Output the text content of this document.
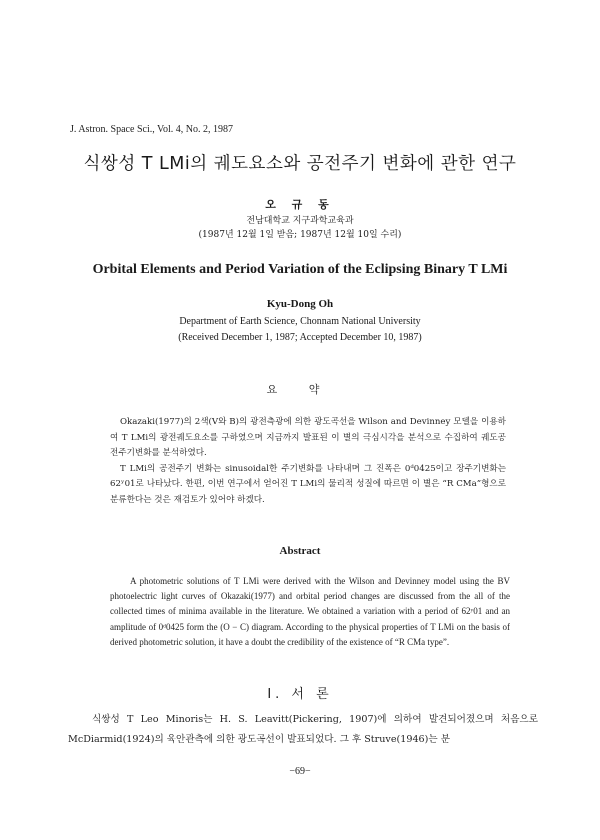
J. Astron. Space Sci., Vol. 4, No. 2, 1987
식쌍성 T LMi의 궤도요소와 공전주기 변화에 관한 연구
오 규 동
전남대학교 지구과학교육과
(1987년 12월 1일 받음; 1987년 12월 10일 수리)
Orbital Elements and Period Variation of the Eclipsing Binary T LMi
Kyu-Dong Oh
Department of Earth Science, Chonnam National University
(Received December 1, 1987; Accepted December 10, 1987)
요 약

Okazaki(1977)의 2색(V와 B)의 광전측광에 의한 광도곡선을 Wilson and Devinney 모델을 이용하여 T LMi의 광전궤도요소를 구하였으며 지금까지 발표된 이 별의 극심시각을 분석으로 수집하여 궤도공전주기변화를 분석하였다.

T LMi의 공전주기 변화는 sinusoidal한 주기변화를 나타내며 그 진폭은 0ᵈ0425이고 장주기변화는 62ʸ01로 나타났다. 한편, 이번 연구에서 얻어진 T LMi의 물리적 성질에 따르면 이 별은 “R CMa”형으로 분류한다는 것은 재검토가 있어야 하겠다.

Abstract

A photometric solutions of T LMi were derived with the Wilson and Devinney model using the BV photoelectric light curves of Okazaki(1977) and orbital period changes are discussed from the all of the collected times of minima available in the literature. We obtained a variation with a period of 62ʸ01 and an amplitude of 0ᵈ0425 form the (O − C) diagram. According to the physical properties of T LMi on the basis of derived photometric solution, it have a doubt the credibility of the existence of “R CMa type”.

I. 서 론

식쌍성 T Leo Minoris는 H. S. Leavitt(Pickering, 1907)에 의하여 발견되어졌으며 처음으로 McDiarmid(1924)의 육안관측에 의한 광도곡선이 발표되었다. 그 후 Struve(1946)는 분

−69−
